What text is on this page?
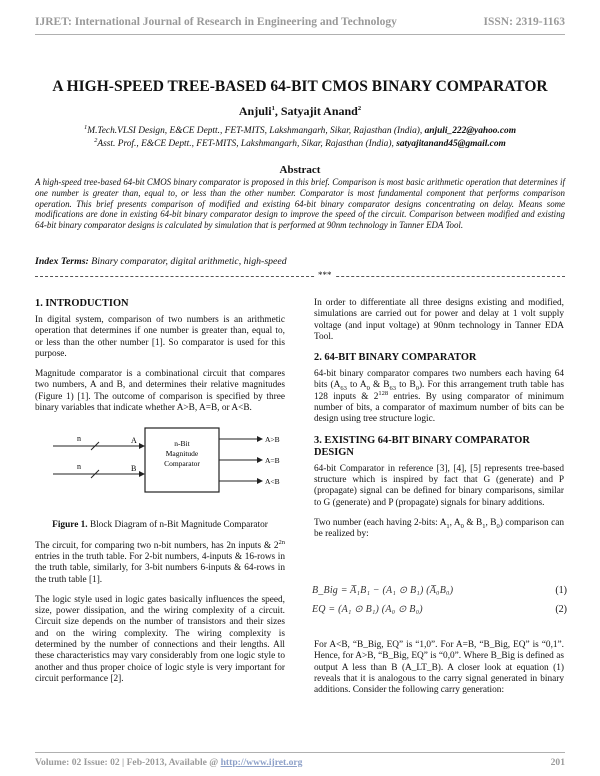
IJRET: International Journal of Research in Engineering and Technology	ISSN: 2319-1163
A HIGH-SPEED TREE-BASED 64-BIT CMOS BINARY COMPARATOR
Anjuli$^1$, Satyajit Anand$^2$
$^1$M.Tech.VLSI Design, E&CE Deptt., FET-MITS, Lakshmangarh, Sikar, Rajasthan (India), anjuli_222@yahoo.com
$^2$Asst. Prof., E&CE Deptt., FET-MITS, Lakshmangarh, Sikar, Rajasthan (India), satyajitanand45@gmail.com
Abstract
A high-speed tree-based 64-bit CMOS binary comparator is proposed in this brief. Comparison is most basic arithmetic operation that determines if one number is greater than, equal to, or less than the other number. Comparator is most fundamental component that performs comparison operation. This brief presents comparison of modified and existing 64-bit binary comparator designs concentrating on delay. Means some modifications are done in existing 64-bit binary comparator design to improve the speed of the circuit. Comparison between modified and existing 64-bit binary comparator designs is calculated by simulation that is performed at 90nm technology in Tanner EDA Tool.
Index Terms: Binary comparator, digital arithmetic, high-speed
***
1. INTRODUCTION

In digital system, comparison of two numbers is an arithmetic operation that determines if one number is greater than, equal to, or less than the other number [1]. So comparator is used for this purpose.

Magnitude comparator is a combinational circuit that compares two numbers, A and B, and determines their relative magnitudes (Figure 1) [1]. The outcome of comparison is specified by three binary variables that indicate whether A>B, A=B, or A<B.

n	A
n	B
n-Bit
Magnitude
Comparator
A>B
A=B
A<B

Figure 1. Block Diagram of n-Bit Magnitude Comparator

The circuit, for comparing two n-bit numbers, has 2n inputs & $2^{2n}$ entries in the truth table. For 2-bit numbers, 4-inputs & 16-rows in the truth table, similarly, for 3-bit numbers 6-inputs & 64-rows in the truth table [1].

The logic style used in logic gates basically influences the speed, size, power dissipation, and the wiring complexity of a circuit. Circuit size depends on the number of transistors and their sizes and on the wiring complexity. The wiring complexity is determined by the number of connections and their lengths. All these characteristics may vary considerably from one logic style to another and thus proper choice of logic style is very important for circuit performance [2].

In order to differentiate all three designs existing and modified, simulations are carried out for power and delay at 1 volt supply voltage (and input voltage) at 90nm technology in Tanner EDA Tool.

2. 64-BIT BINARY COMPARATOR

64-bit binary comparator compares two numbers each having 64 bits ($A_{63}$ to $A_0$ & $B_{63}$ to $B_0$). For this arrangement truth table has 128 inputs & $2^{128}$ entries. By using comparator of minimum number of bits, a comparator of maximum number of bits can be design using tree structure logic.

3. EXISTING 64-BIT BINARY COMPARATOR DESIGN

64-bit Comparator in reference [3], [4], [5] represents tree-based structure which is inspired by fact that G (generate) and P (propagate) signal can be defined for binary comparisons, similar to G (generate) and P (propagate) signals for binary additions.

Two number (each having 2-bits: $A_1$, $A_0$ & $B_1$, $B_0$) comparison can be realized by:

B_Big = A̅₁B₁ − (A₁ ⊙ B₁) (A̅₀B₀)	(1)
EQ = (A₁ ⊙ B₁) (A₀ ⊙ B₀)	(2)

For A<B, “B_Big, EQ” is “1,0”. For A=B, “B_Big, EQ” is “0,1”. Hence, for A>B, “B_Big, EQ” is “0,0”. Where B_Big is defined as output A less than B (A_LT_B). A closer look at equation (1) reveals that it is analogous to the carry signal generated in binary additions. Consider the following carry generation:

Volume: 02 Issue: 02 | Feb-2013, Available @ http://www.ijret.org	201
